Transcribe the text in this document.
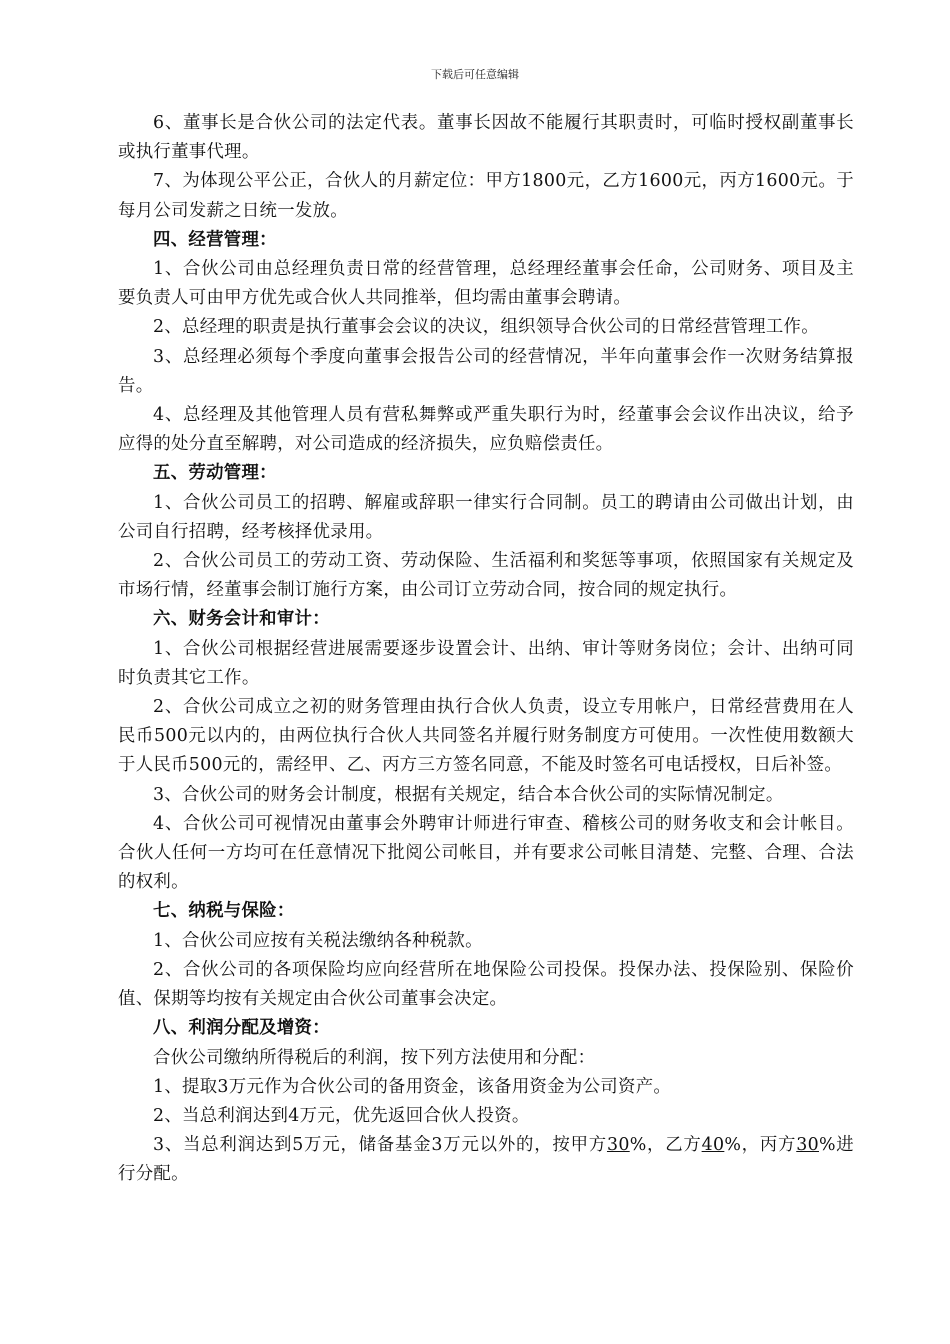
下载后可任意编辑

6、董事长是合伙公司的法定代表。董事长因故不能履行其职责时，可临时授权副董事长或执行董事代理。

7、为体现公平公正，合伙人的月薪定位：甲方1800元，乙方1600元，丙方1600元。于每月公司发薪之日统一发放。

四、经营管理：

1、合伙公司由总经理负责日常的经营管理，总经理经董事会任命，公司财务、项目及主要负责人可由甲方优先或合伙人共同推举，但均需由董事会聘请。

2、总经理的职责是执行董事会会议的决议，组织领导合伙公司的日常经营管理工作。

3、总经理必须每个季度向董事会报告公司的经营情况，半年向董事会作一次财务结算报告。

4、总经理及其他管理人员有营私舞弊或严重失职行为时，经董事会会议作出决议，给予应得的处分直至解聘，对公司造成的经济损失，应负赔偿责任。

五、劳动管理：

1、合伙公司员工的招聘、解雇或辞职一律实行合同制。员工的聘请由公司做出计划，由公司自行招聘，经考核择优录用。

2、合伙公司员工的劳动工资、劳动保险、生活福利和奖惩等事项，依照国家有关规定及市场行情，经董事会制订施行方案，由公司订立劳动合同，按合同的规定执行。

六、财务会计和审计：

1、合伙公司根据经营进展需要逐步设置会计、出纳、审计等财务岗位；会计、出纳可同时负责其它工作。

2、合伙公司成立之初的财务管理由执行合伙人负责，设立专用帐户，日常经营费用在人民币500元以内的，由两位执行合伙人共同签名并履行财务制度方可使用。一次性使用数额大于人民币500元的，需经甲、乙、丙方三方签名同意，不能及时签名可电话授权，日后补签。

3、合伙公司的财务会计制度，根据有关规定，结合本合伙公司的实际情况制定。

4、合伙公司可视情况由董事会外聘审计师进行审查、稽核公司的财务收支和会计帐目。合伙人任何一方均可在任意情况下批阅公司帐目，并有要求公司帐目清楚、完整、合理、合法的权利。

七、纳税与保险：

1、合伙公司应按有关税法缴纳各种税款。

2、合伙公司的各项保险均应向经营所在地保险公司投保。投保办法、投保险别、保险价值、保期等均按有关规定由合伙公司董事会决定。

八、利润分配及增资：

合伙公司缴纳所得税后的利润，按下列方法使用和分配：

1、提取3万元作为合伙公司的备用资金，该备用资金为公司资产。

2、当总利润达到4万元，优先返回合伙人投资。

3、当总利润达到5万元，储备基金3万元以外的，按甲方30%，乙方40%，丙方30%进行分配。
